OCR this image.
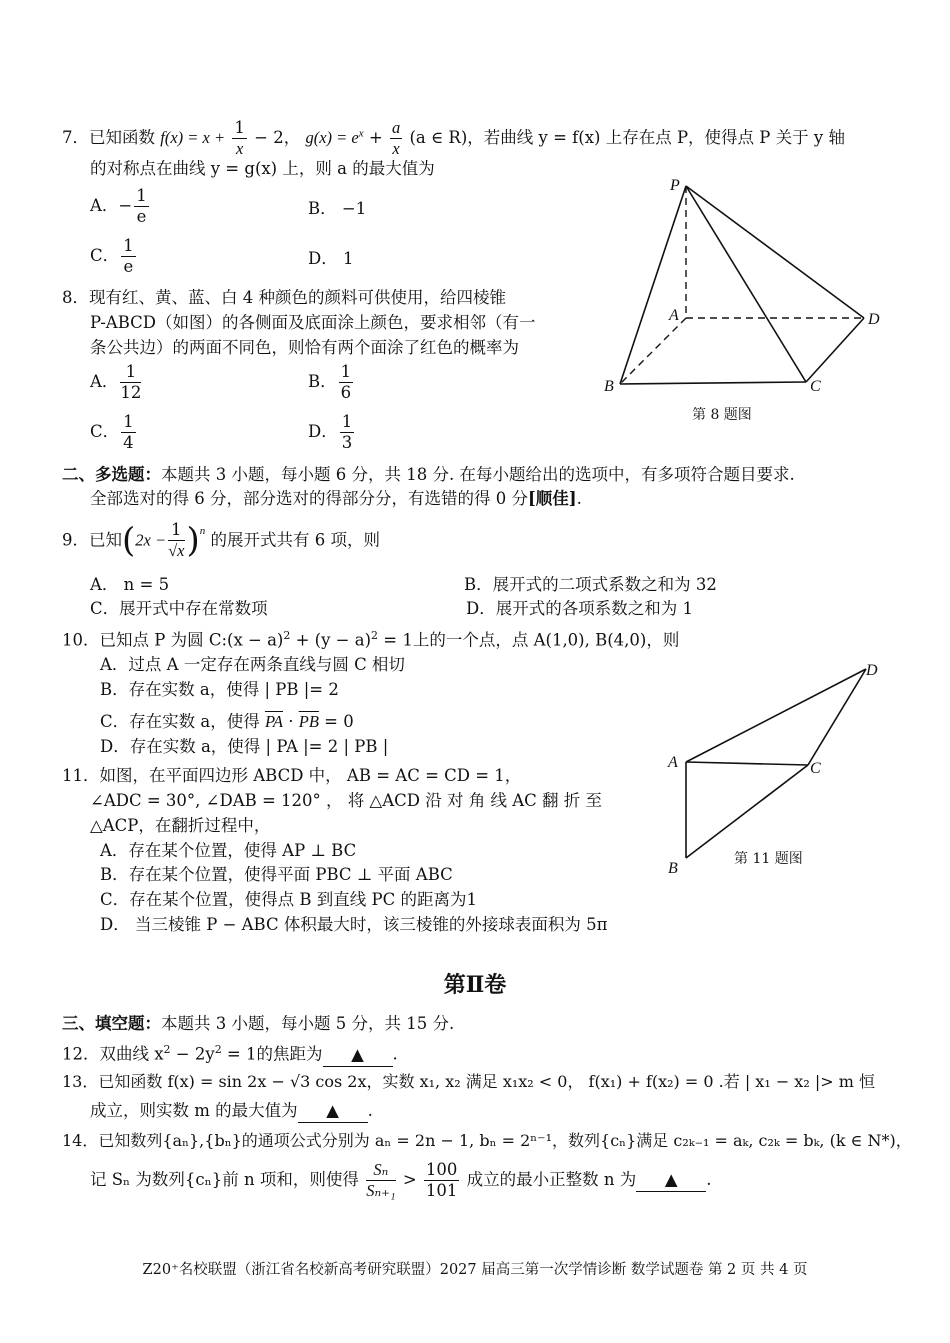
7．已知函数 $f(x) = x + \frac{1}{x} - 2$， $g(x) = e^x + \frac{a}{x} (a$ ∈ R)，若曲线 y = f(x) 上存在点 P，使得点 P 关于 y 轴
的对称点在曲线 y = g(x) 上，则 a 的最大值为
A．− $\frac{1}{e}$	B． −1
C． $\frac{1}{e}$	D． 1
8．现有红、黄、蓝、白 4 种颜色的颜料可供使用，给四棱锥
P-ABCD（如图）的各侧面及底面涂上颜色，要求相邻（有一
条公共边）的两面不同色，则恰有两个面涂了红色的概率为
A． $\frac{1}{12}$	B． $\frac{1}{6}$
C． $\frac{1}{4}$	D． $\frac{1}{3}$
P
A
B	C
D
第 8 题图
二、多选题：本题共 3 小题，每小题 6 分，共 18 分. 在每小题给出的选项中，有多项符合题目要求.
全部选对的得 6 分，部分选对的得部分分，有选错的得 0 分[顺佳].
9．已知$(2x - \frac{1}{√x} )^n$ 的展开式共有 6 项，则
A． n = 5	B．展开式的二项式系数之和为 32
C．展开式中存在常数项	D．展开式的各项系数之和为 1
10．已知点 P 为圆 C:(x − $a)^2 + (y - a)^2 = 1$上的一个点，点 A(1,0), B(4,0)，则
A．过点 A 一定存在两条直线与圆 C 相切
B．存在实数 a，使得 | PB |= 2
C．存在实数 a，使得 $\overline{PA} \cdot \overline{PB} = 0$
D．存在实数 a，使得 | PA |= 2 | PB |
11．如图，在平面四边形 ABCD 中， AB = AC = CD = 1，
∠ADC = 30°, ∠DAB = 120° ， 将 △ACD 沿 对 角 线 AC 翻 折 至
△ACP，在翻折过程中，
A．存在某个位置，使得 AP ⊥ BC
B．存在某个位置，使得平面 PBC ⊥ 平面 ABC
C．存在某个位置，使得点 B 到直线 PC 的距离为1
D． 当三棱锥 P − ABC 体积最大时，该三棱锥的外接球表面积为 5π
A
B
C
D
第 11 题图
第Ⅱ卷
三、填空题：本题共 3 小题，每小题 5 分，共 15 分.
12．双曲线 $x^2 - 2y^2 = 1$的焦距为 ▲ .
13．已知函数 f(x) = sin 2x − √3 cos 2x，实数 x₁, x₂ 满足 x₁x₂ < 0， f(x₁) + f(x₂) = 0 .若 | x₁ − x₂ |> m 恒
成立，则实数 m 的最大值为 ▲ .
14．已知数列{aₙ},{bₙ}的通项公式分别为 aₙ = 2n − 1, bₙ = 2ⁿ⁻¹，数列{cₙ}满足 c₂ₖ₋₁ = aₖ, c₂ₖ = bₖ, (k ∈ N*)，
记 Sₙ 为数列{cₙ}前 n 项和，则使得 $\frac{\text{Sₙ}}{\text{Sₙ₊₁}} > \frac{100}{101}$ 成立的最小正整数 n 为 ▲ .
Z20⁺名校联盟（浙江省名校新高考研究联盟）2027 届高三第一次学情诊断 数学试题卷 第 2 页 共 4 页
